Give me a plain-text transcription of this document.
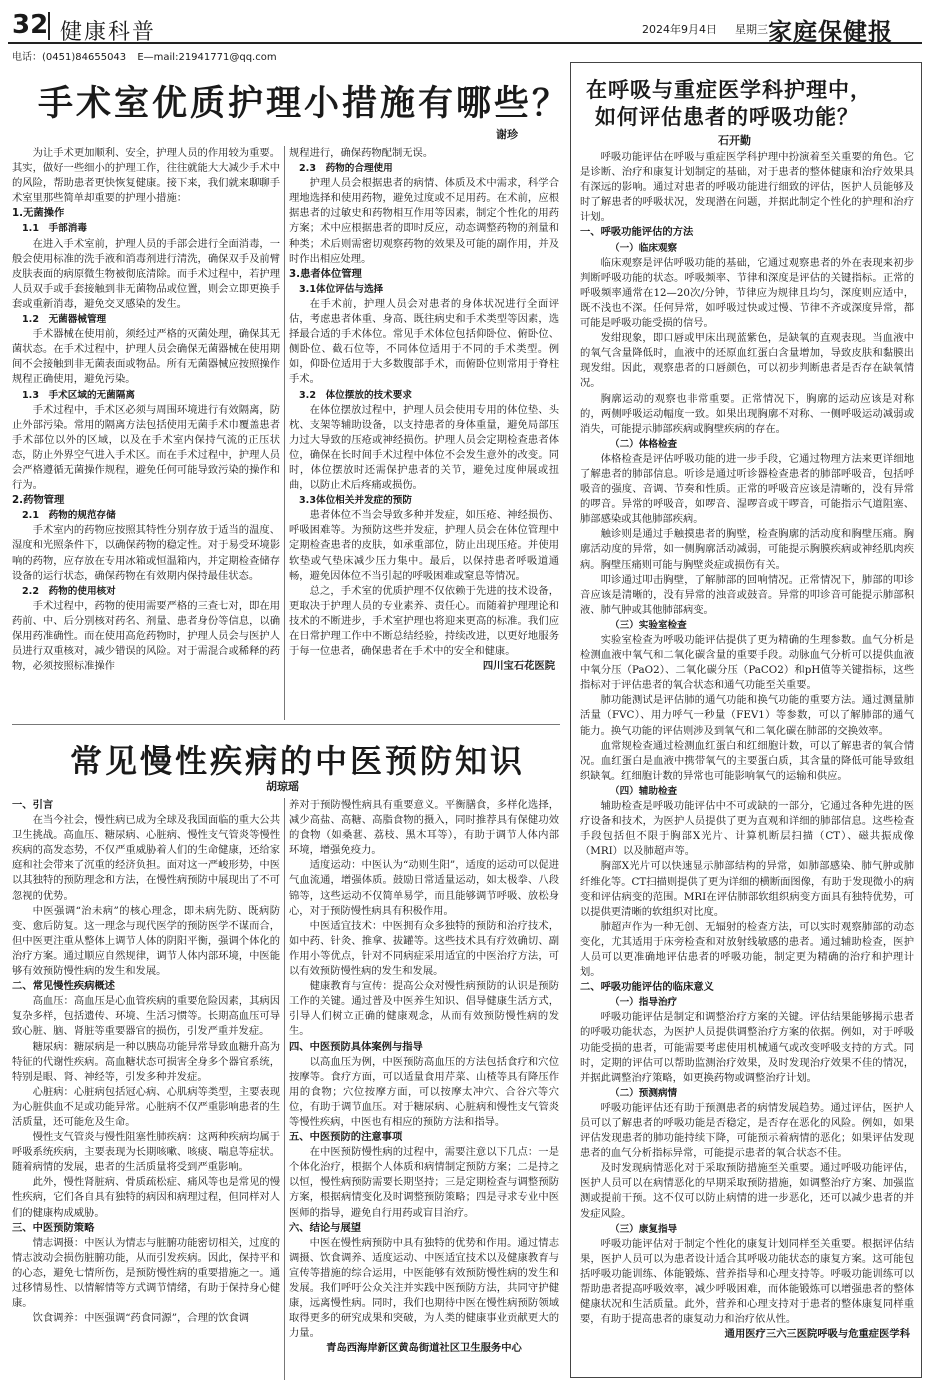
32 健康科普	2024年9月4日 星期三 家庭保健报
电话：(0451)84655043 E—mail:21941771@qq.com
手术室优质护理小措施有哪些？
谢珍
为让手术更加顺利、安全，护理人员的作用较为重要。其实，做好一些细小的护理工作，往往就能大大减少手术中的风险，帮助患者更快恢复健康。接下来，我们就来聊聊手术室里那些简单却重要的护理小措施：
1.无菌操作
1.1　手部消毒
在进入手术室前，护理人员的手部会进行全面消毒，一般会使用标准的洗手液和消毒剂进行清洗，确保双手及前臂皮肤表面的病原微生物被彻底清除。而手术过程中，若护理人员双手或手套接触到非无菌物品或位置，则会立即更换手套或重新消毒，避免交叉感染的发生。
1.2　无菌器械管理
手术器械在使用前，须经过严格的灭菌处理，确保其无菌状态。在手术过程中，护理人员会确保无菌器械在使用期间不会接触到非无菌表面或物品。所有无菌器械应按照操作规程正确使用，避免污染。
1.3　手术区域的无菌隔离
手术过程中，手术区必须与周围环境进行有效隔离，防止外部污染。常用的隔离方法包括使用无菌手术巾覆盖患者手术部位以外的区域，以及在手术室内保持气流的正压状态，防止外界空气进入手术区。而在手术过程中，护理人员会严格遵循无菌操作规程，避免任何可能导致污染的操作和行为。
2.药物管理
2.1　药物的规范存储
手术室内的药物应按照其特性分别存放于适当的温度、湿度和光照条件下，以确保药物的稳定性。对于易受环境影响的药物，应存放在专用冰箱或恒温箱内，并定期检查储存设备的运行状态，确保药物在有效期内保持最佳状态。
2.2　药物的使用核对
手术过程中，药物的使用需要严格的三查七对，即在用药前、中、后分别核对药名、剂量、患者身份等信息，以确保用药准确性。而在使用高危药物时，护理人员会与医护人员进行双重核对，减少错误的风险。对于需混合或稀释的药物，必须按照标准操作
规程进行，确保药物配制无误。
2.3　药物的合理使用
护理人员会根据患者的病情、体质及术中需求，科学合理地选择和使用药物，避免过度或不足用药。在术前，应根据患者的过敏史和药物相互作用等因素，制定个性化的用药方案；术中应根据患者的即时反应，动态调整药物的剂量和种类；术后则需密切观察药物的效果及可能的副作用，并及时作出相应处理。
3.患者体位管理
3.1体位评估与选择
在手术前，护理人员会对患者的身体状况进行全面评估，考虑患者体重、身高、既往病史和手术类型等因素，选择最合适的手术体位。常见手术体位包括仰卧位、俯卧位、侧卧位、截石位等，不同体位适用于不同的手术类型。例如，仰卧位适用于大多数腹部手术，而俯卧位则常用于脊柱手术。
3.2　体位摆放的技术要求
在体位摆放过程中，护理人员会使用专用的体位垫、头枕、支架等辅助设备，以支持患者的身体重量，避免局部压力过大导致的压疮或神经损伤。护理人员会定期检查患者体位，确保在长时间手术过程中体位不会发生意外的改变。同时，体位摆放时还需保护患者的关节，避免过度伸展或扭曲，以防止术后疼痛或损伤。
3.3体位相关并发症的预防
患者体位不当会导致多种并发症，如压疮、神经损伤、呼吸困难等。为预防这些并发症，护理人员会在体位管理中定期检查患者的皮肤，如承重部位，防止出现压疮。并使用软垫或气垫床减少压力集中。最后，以保持患者呼吸道通畅，避免因体位不当引起的呼吸困难或窒息等情况。
总之，手术室的优质护理不仅依赖于先进的技术设备，更取决于护理人员的专业素养、责任心。而随着护理理论和技术的不断进步，手术室护理也将迎来更高的标准。我们应在日常护理工作中不断总结经验，持续改进，以更好地服务于每一位患者，确保患者在手术中的安全和健康。
四川宝石花医院
常见慢性疾病的中医预防知识
胡琼瑶
一、引言
在当今社会，慢性病已成为全球及我国面临的重大公共卫生挑战。高血压、糖尿病、心脏病、慢性支气管炎等慢性疾病的高发态势，不仅严重威胁着人们的生命健康，还给家庭和社会带来了沉重的经济负担。面对这一严峻形势，中医以其独特的预防理念和方法，在慢性病预防中展现出了不可忽视的优势。
中医强调“治未病”的核心理念，即未病先防、既病防变、愈后防复。这一理念与现代医学的预防医学不谋而合，但中医更注重从整体上调节人体的阴阳平衡，强调个体化的治疗方案。通过顺应自然规律，调节人体内部环境，中医能够有效预防慢性病的发生和发展。
二、常见慢性疾病概述
高血压：高血压是心血管疾病的重要危险因素，其病因复杂多样，包括遗传、环境、生活习惯等。长期高血压可导致心脏、脑、肾脏等重要器官的损伤，引发严重并发症。
糖尿病：糖尿病是一种以胰岛功能异常导致血糖升高为特征的代谢性疾病。高血糖状态可损害全身多个器官系统，特别是眼、肾、神经等，引发多种并发症。
心脏病：心脏病包括冠心病、心肌病等类型，主要表现为心脏供血不足或功能异常。心脏病不仅严重影响患者的生活质量，还可能危及生命。
慢性支气管炎与慢性阻塞性肺疾病：这两种疾病均属于呼吸系统疾病，主要表现为长期咳嗽、咳痰、喘息等症状。随着病情的发展，患者的生活质量将受到严重影响。
此外，慢性肾脏病、骨质疏松症、痛风等也是常见的慢性疾病，它们各自具有独特的病因和病理过程，但同样对人们的健康构成威胁。
三、中医预防策略
情志调摄：中医认为情志与脏腑功能密切相关，过度的情志波动会损伤脏腑功能，从而引发疾病。因此，保持平和的心态，避免七情所伤，是预防慢性病的重要措施之一。通过移情易性、以情解情等方式调节情绪，有助于保持身心健康。
饮食调养：中医强调“药食同源”，合理的饮食调
养对于预防慢性病具有重要意义。平衡膳食，多样化选择，减少高盐、高糖、高脂食物的摄入，同时推荐具有保健功效的食物（如桑葚、荔枝、黑木耳等），有助于调节人体内部环境，增强免疫力。
适度运动：中医认为“动则生阳”，适度的运动可以促进气血流通，增强体质。鼓励日常适量运动，如太极拳、八段锦等，这些运动不仅简单易学，而且能够调节呼吸、放松身心，对于预防慢性病具有积极作用。
中医适宜技术：中医拥有众多独特的预防和治疗技术，如中药、针灸、推拿、拔罐等。这些技术具有疗效确切、副作用小等优点，针对不同病症采用适宜的中医治疗方法，可以有效预防慢性病的发生和发展。
健康教育与宣传：提高公众对慢性病预防的认识是预防工作的关键。通过普及中医养生知识、倡导健康生活方式，引导人们树立正确的健康观念，从而有效预防慢性病的发生。
四、中医预防具体案例与指导
以高血压为例，中医预防高血压的方法包括食疗和穴位按摩等。食疗方面，可以适量食用芹菜、山楂等具有降压作用的食物；穴位按摩方面，可以按摩太冲穴、合谷穴等穴位，有助于调节血压。对于糖尿病、心脏病和慢性支气管炎等慢性疾病，中医也有相应的预防方法和指导。
五、中医预防的注意事项
在中医预防慢性病的过程中，需要注意以下几点：一是个体化治疗，根据个人体质和病情制定预防方案；二是持之以恒，慢性病预防需要长期坚持；三是定期检查与调整预防方案，根据病情变化及时调整预防策略；四是寻求专业中医医师的指导，避免自行用药或盲目治疗。
六、结论与展望
中医在慢性病预防中具有独特的优势和作用。通过情志调摄、饮食调养、适度运动、中医适宜技术以及健康教育与宣传等措施的综合运用，中医能够有效预防慢性病的发生和发展。我们呼吁公众关注并实践中医预防方法，共同守护健康，远离慢性病。同时，我们也期待中医在慢性病预防领域取得更多的研究成果和突破，为人类的健康事业贡献更大的力量。
青岛西海岸新区黄岛街道社区卫生服务中心
在呼吸与重症医学科护理中，
如何评估患者的呼吸功能？
石开勤
呼吸功能评估在呼吸与重症医学科护理中扮演着至关重要的角色。它是诊断、治疗和康复计划制定的基础，对于患者的整体健康和治疗效果具有深远的影响。通过对患者的呼吸功能进行细致的评估，医护人员能够及时了解患者的呼吸状况，发现潜在问题，并据此制定个性化的护理和治疗计划。
一、呼吸功能评估的方法
（一）临床观察
临床观察是评估呼吸功能的基础，它通过观察患者的外在表现来初步判断呼吸功能的状态。呼吸频率、节律和深度是评估的关键指标。正常的呼吸频率通常在12—20次/分钟，节律应为规律且均匀，深度则应适中，既不浅也不深。任何异常，如呼吸过快或过慢、节律不齐或深度异常，都可能是呼吸功能受损的信号。
发绀现象，即口唇或甲床出现蓝紫色，是缺氧的直观表现。当血液中的氧气含量降低时，血液中的还原血红蛋白含量增加，导致皮肤和黏膜出现发绀。因此，观察患者的口唇颜色，可以初步判断患者是否存在缺氧情况。
胸廓运动的观察也非常重要。正常情况下，胸廓的运动应该是对称的，两侧呼吸运动幅度一致。如果出现胸廓不对称、一侧呼吸运动减弱或消失，可能提示肺部疾病或胸壁疾病的存在。
（二）体格检查
体格检查是评估呼吸功能的进一步手段，它通过物理方法来更详细地了解患者的肺部信息。听诊是通过听诊器检查患者的肺部呼吸音，包括呼吸音的强度、音调、节奏和性质。正常的呼吸音应该是清晰的，没有异常的啰音。异常的呼吸音，如啰音、湿啰音或干啰音，可能指示气道阻塞、肺部感染或其他肺部疾病。
触诊则是通过手触摸患者的胸壁，检查胸廓的活动度和胸壁压痛。胸廓活动度的异常，如一侧胸廓活动减弱，可能提示胸膜疾病或神经肌肉疾病。胸壁压痛则可能与胸壁炎症或损伤有关。
叩诊通过叩击胸壁，了解肺部的回响情况。正常情况下，肺部的叩诊音应该是清晰的，没有异常的浊音或鼓音。异常的叩诊音可能提示肺部积液、肺气肿或其他肺部病变。
（三）实验室检查
实验室检查为呼吸功能评估提供了更为精确的生理参数。血气分析是检测血液中氧气和二氧化碳含量的重要手段。动脉血气分析可以提供血液中氧分压（PaO2）、二氧化碳分压（PaCO2）和pH值等关键指标，这些指标对于评估患者的氧合状态和通气功能至关重要。
肺功能测试是评估肺的通气功能和换气功能的重要方法。通过测量肺活量（FVC）、用力呼气一秒量（FEV1）等参数，可以了解肺部的通气能力。换气功能的评估则涉及到氧气和二氧化碳在肺部的交换效率。
血常规检查通过检测血红蛋白和红细胞计数，可以了解患者的氧合情况。血红蛋白是血液中携带氧气的主要蛋白质，其含量的降低可能导致组织缺氧。红细胞计数的异常也可能影响氧气的运输和供应。
（四）辅助检查
辅助检查是呼吸功能评估中不可或缺的一部分，它通过各种先进的医疗设备和技术，为医护人员提供了更为直观和详细的肺部信息。这些检查手段包括但不限于胸部X光片、计算机断层扫描（CT）、磁共振成像（MRI）以及肺超声等。
胸部X光片可以快速显示肺部结构的异常，如肺部感染、肺气肿或肺纤维化等。CT扫描则提供了更为详细的横断面图像，有助于发现微小的病变和评估病变的范围。MRI在评估肺部软组织病变方面具有独特优势，可以提供更清晰的软组织对比度。
肺超声作为一种无创、无辐射的检查方法，可以实时观察肺部的动态变化，尤其适用于床旁检查和对放射线敏感的患者。通过辅助检查，医护人员可以更准确地评估患者的呼吸功能，制定更为精确的治疗和护理计划。
二、呼吸功能评估的临床意义
（一）指导治疗
呼吸功能评估是制定和调整治疗方案的关键。评估结果能够揭示患者的呼吸功能状态，为医护人员提供调整治疗方案的依据。例如，对于呼吸功能受损的患者，可能需要考虑使用机械通气或改变呼吸支持的方式。同时，定期的评估可以帮助监测治疗效果，及时发现治疗效果不佳的情况，并据此调整治疗策略，如更换药物或调整治疗计划。
（二）预测病情
呼吸功能评估还有助于预测患者的病情发展趋势。通过评估，医护人员可以了解患者的呼吸功能是否稳定，是否存在恶化的风险。例如，如果评估发现患者的肺功能持续下降，可能预示着病情的恶化；如果评估发现患者的血气分析指标异常，可能提示患者的氧合状态不佳。
及时发现病情恶化对于采取预防措施至关重要。通过呼吸功能评估，医护人员可以在病情恶化的早期采取预防措施，如调整治疗方案、加强监测或提前干预。这不仅可以防止病情的进一步恶化，还可以减少患者的并发症风险。
（三）康复指导
呼吸功能评估对于制定个性化的康复计划同样至关重要。根据评估结果，医护人员可以为患者设计适合其呼吸功能状态的康复方案。这可能包括呼吸功能训练、体能锻炼、营养指导和心理支持等。呼吸功能训练可以帮助患者提高呼吸效率，减少呼吸困难，而体能锻炼可以增强患者的整体健康状况和生活质量。此外，营养和心理支持对于患者的整体康复同样重要，有助于提高患者的康复动力和治疗依从性。
通用医疗三六三医院呼吸与危重症医学科
